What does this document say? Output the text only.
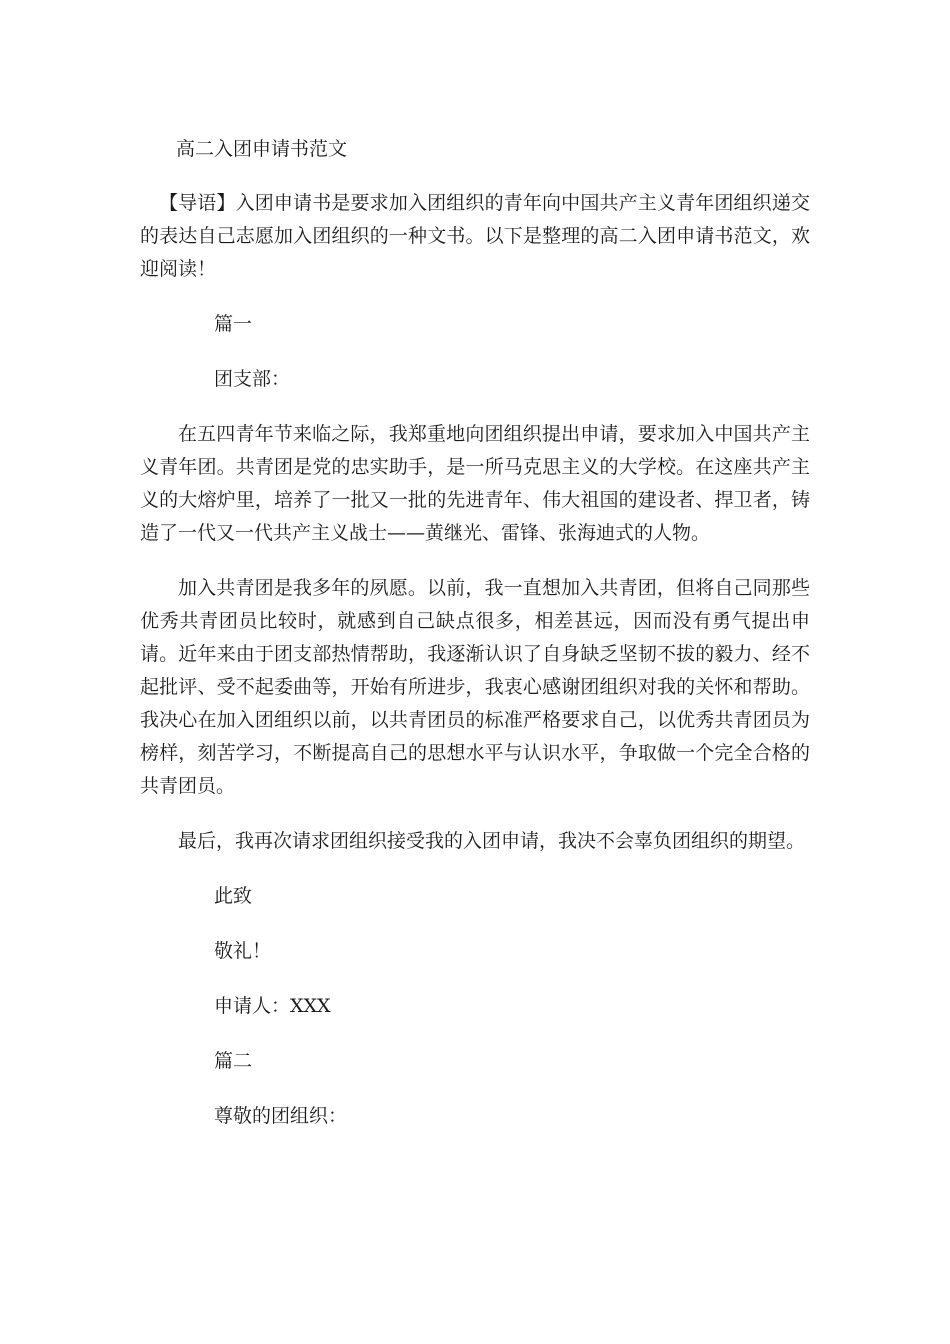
高二入团申请书范文

【导语】入团申请书是要求加入团组织的青年向中国共产主义青年团组织递交的表达自己志愿加入团组织的一种文书。以下是整理的高二入团申请书范文，欢迎阅读！

篇一

团支部：

在五四青年节来临之际，我郑重地向团组织提出申请，要求加入中国共产主义青年团。共青团是党的忠实助手，是一所马克思主义的大学校。在这座共产主义的大熔炉里，培养了一批又一批的先进青年、伟大祖国的建设者、捍卫者，铸造了一代又一代共产主义战士——黄继光、雷锋、张海迪式的人物。

加入共青团是我多年的夙愿。以前，我一直想加入共青团，但将自己同那些优秀共青团员比较时，就感到自己缺点很多，相差甚远，因而没有勇气提出申请。近年来由于团支部热情帮助，我逐渐认识了自身缺乏坚韧不拔的毅力、经不起批评、受不起委曲等，开始有所进步，我衷心感谢团组织对我的关怀和帮助。我决心在加入团组织以前，以共青团员的标准严格要求自己，以优秀共青团员为榜样，刻苦学习，不断提高自己的思想水平与认识水平，争取做一个完全合格的共青团员。

最后，我再次请求团组织接受我的入团申请，我决不会辜负团组织的期望。

此致

敬礼！

申请人：XXX

篇二

尊敬的团组织：
